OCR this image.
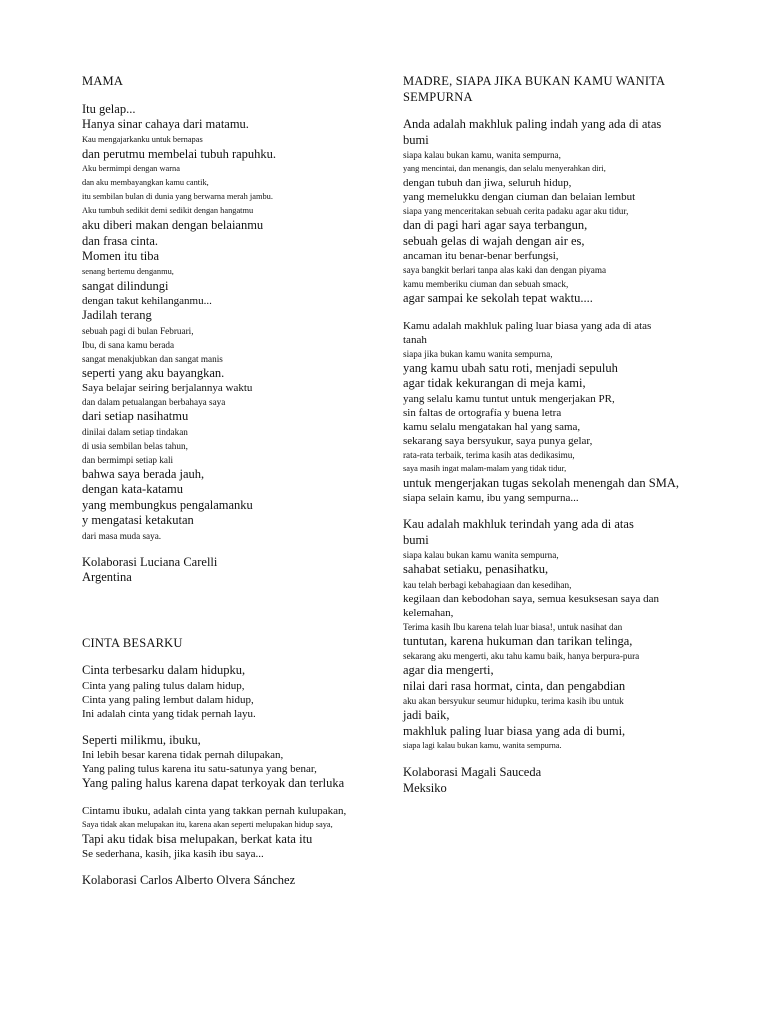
MAMA
Itu gelap...
Hanya sinar cahaya dari matamu.
Kau mengajarkanku untuk bernapas
dan perutmu membelai tubuh rapuhku.
Aku bermimpi dengan warna
dan aku membayangkan kamu cantik,
itu sembilan bulan di dunia yang berwarna merah jambu.
Aku tumbuh sedikit demi sedikit dengan hangatmu
aku diberi makan dengan belaianmu
dan frasa cinta.
Momen itu tiba
senang bertemu denganmu,
sangat dilindungi
dengan takut kehilanganmu...
Jadilah terang
sebuah pagi di bulan Februari,
Ibu, di sana kamu berada
sangat menakjubkan dan sangat manis
seperti yang aku bayangkan.
Saya belajar seiring berjalannya waktu
dan dalam petualangan berbahaya saya
dari setiap nasihatmu
dinilai dalam setiap tindakan
di usia sembilan belas tahun,
dan bermimpi setiap kali
bahwa saya berada jauh,
dengan kata-katamu
yang membungkus pengalamanku
y mengatasi ketakutan
dari masa muda saya.
Kolaborasi Luciana Carelli
Argentina
CINTA BESARKU
Cinta terbesarku dalam hidupku,
Cinta yang paling tulus dalam hidup,
Cinta yang paling lembut dalam hidup,
Ini adalah cinta yang tidak pernah layu.
Seperti milikmu, ibuku,
Ini lebih besar karena tidak pernah dilupakan,
Yang paling tulus karena itu satu-satunya yang benar,
Yang paling halus karena dapat terkoyak dan terluka
Cintamu ibuku, adalah cinta yang takkan pernah kulupakan,
Saya tidak akan melupakan itu, karena akan seperti melupakan hidup saya,
Tapi aku tidak bisa melupakan, berkat kata itu
Se sederhana, kasih, jika kasih ibu saya...
Kolaborasi Carlos Alberto Olvera Sánchez
MADRE, SIAPA JIKA BUKAN KAMU WANITA
SEMPURNA
Anda adalah makhluk paling indah yang ada di atas
bumi
siapa kalau bukan kamu, wanita sempurna,
yang mencintai, dan menangis, dan selalu menyerahkan diri,
dengan tubuh dan jiwa, seluruh hidup,
yang memelukku dengan ciuman dan belaian lembut
siapa yang menceritakan sebuah cerita padaku agar aku tidur,
dan di pagi hari agar saya terbangun,
sebuah gelas di wajah dengan air es,
ancaman itu benar-benar berfungsi,
saya bangkit berlari tanpa alas kaki dan dengan piyama
kamu memberiku ciuman dan sebuah smack,
agar sampai ke sekolah tepat waktu....
Kamu adalah makhluk paling luar biasa yang ada di atas
tanah
siapa jika bukan kamu wanita sempurna,
yang kamu ubah satu roti, menjadi sepuluh
agar tidak kekurangan di meja kami,
yang selalu kamu tuntut untuk mengerjakan PR,
sin faltas de ortografía y buena letra
kamu selalu mengatakan hal yang sama,
sekarang saya bersyukur, saya punya gelar,
rata-rata terbaik, terima kasih atas dedikasimu,
saya masih ingat malam-malam yang tidak tidur,
untuk mengerjakan tugas sekolah menengah dan SMA,
siapa selain kamu, ibu yang sempurna...
Kau adalah makhluk terindah yang ada di atas
bumi
siapa kalau bukan kamu wanita sempurna,
sahabat setiaku, penasihatku,
kau telah berbagi kebahagiaan dan kesedihan,
kegilaan dan kebodohan saya, semua kesuksesan saya dan
kelemahan,
Terima kasih Ibu karena telah luar biasa!, untuk nasihat dan
tuntutan, karena hukuman dan tarikan telinga,
sekarang aku mengerti, aku tahu kamu baik, hanya berpura-pura
agar dia mengerti,
nilai dari rasa hormat, cinta, dan pengabdian
aku akan bersyukur seumur hidupku, terima kasih ibu untuk
jadi baik,
makhluk paling luar biasa yang ada di bumi,
siapa lagi kalau bukan kamu, wanita sempurna.
Kolaborasi Magali Sauceda
Meksiko
